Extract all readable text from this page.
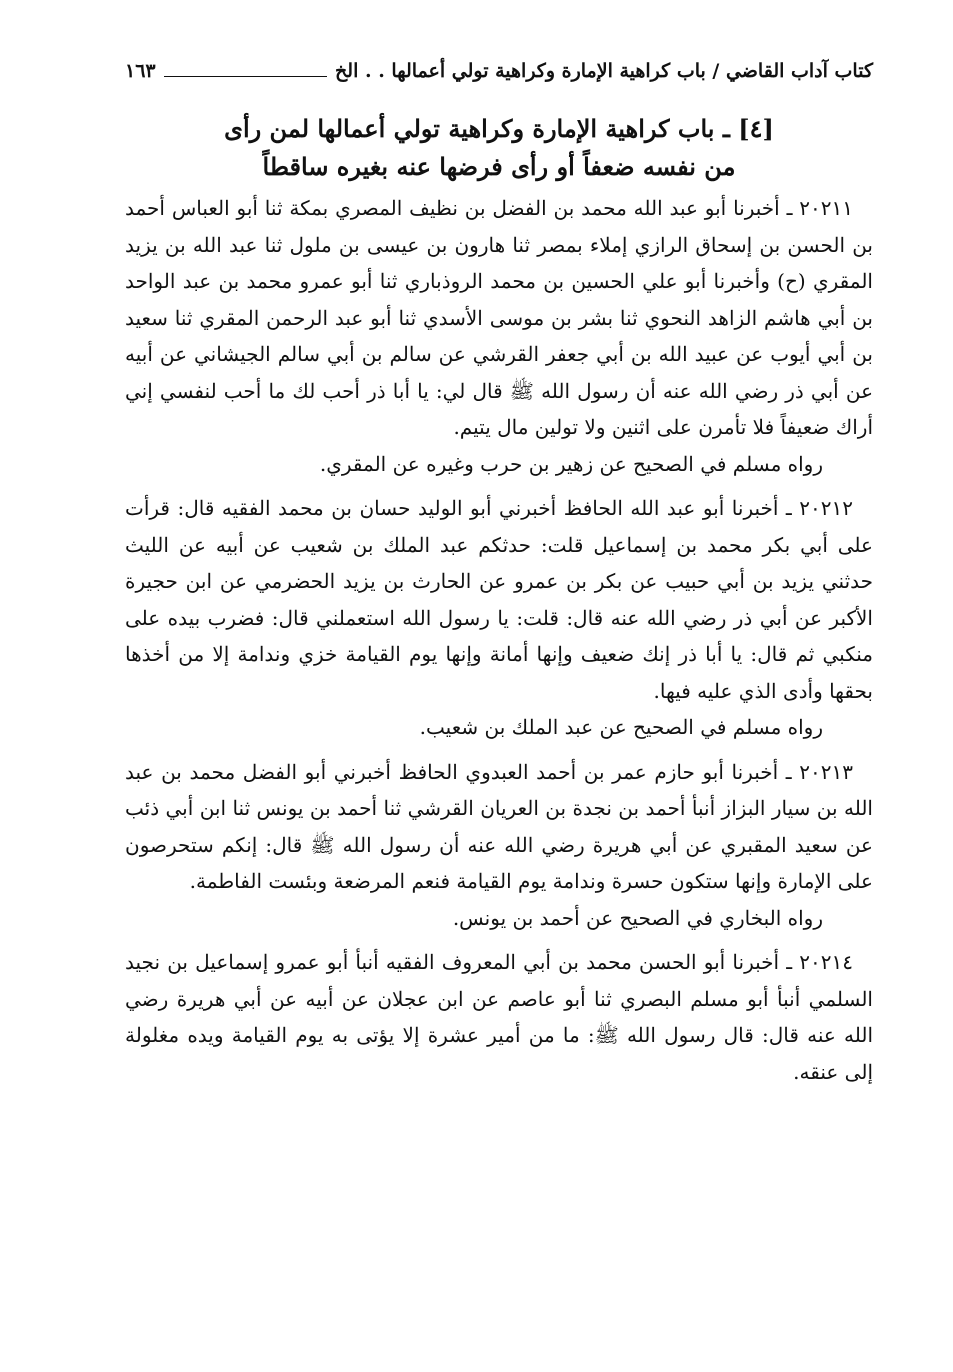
كتاب آداب القاضي / باب كراهية الإمارة وكراهية تولي أعمالها . . الخ
١٦٣
[٤] ـ باب كراهية الإمارة وكراهية تولي أعمالها لمن رأى
من نفسه ضعفاً أو رأى فرضها عنه بغيره ساقطاً

٢٠٢١١ ـ أخبرنا أبو عبد الله محمد بن الفضل بن نظيف المصري بمكة ثنا أبو العباس أحمد بن الحسن بن إسحاق الرازي إملاء بمصر ثنا هارون بن عيسى بن ملول ثنا عبد الله بن يزيد المقري (ح) وأخبرنا أبو علي الحسين بن محمد الروذباري ثنا أبو عمرو محمد بن عبد الواحد بن أبي هاشم الزاهد النحوي ثنا بشر بن موسى الأسدي ثنا أبو عبد الرحمن المقري ثنا سعيد بن أبي أيوب عن عبيد الله بن أبي جعفر القرشي عن سالم بن أبي سالم الجيشاني عن أبيه عن أبي ذر رضي الله عنه أن رسول الله ﷺ قال لي: يا أبا ذر أحب لك ما أحب لنفسي إني أراك ضعيفاً فلا تأمرن على اثنين ولا تولين مال يتيم.

رواه مسلم في الصحيح عن زهير بن حرب وغيره عن المقري.

٢٠٢١٢ ـ أخبرنا أبو عبد الله الحافظ أخبرني أبو الوليد حسان بن محمد الفقيه قال: قرأت على أبي بكر محمد بن إسماعيل قلت: حدثكم عبد الملك بن شعيب عن أبيه عن الليث حدثني يزيد بن أبي حبيب عن بكر بن عمرو عن الحارث بن يزيد الحضرمي عن ابن حجيرة الأكبر عن أبي ذر رضي الله عنه قال: قلت: يا رسول الله استعملني قال: فضرب بيده على منكبي ثم قال: يا أبا ذر إنك ضعيف وإنها أمانة وإنها يوم القيامة خزي وندامة إلا من أخذها بحقها وأدى الذي عليه فيها.

رواه مسلم في الصحيح عن عبد الملك بن شعيب.

٢٠٢١٣ ـ أخبرنا أبو حازم عمر بن أحمد العبدوي الحافظ أخبرني أبو الفضل محمد بن عبد الله بن سيار البزاز أنبأ أحمد بن نجدة بن العريان القرشي ثنا أحمد بن يونس ثنا ابن أبي ذئب عن سعيد المقبري عن أبي هريرة رضي الله عنه أن رسول الله ﷺ قال: إنكم ستحرصون على الإمارة وإنها ستكون حسرة وندامة يوم القيامة فنعم المرضعة وبئست الفاطمة.

رواه البخاري في الصحيح عن أحمد بن يونس.

٢٠٢١٤ ـ أخبرنا أبو الحسن محمد بن أبي المعروف الفقيه أنبأ أبو عمرو إسماعيل بن نجيد السلمي أنبأ أبو مسلم البصري ثنا أبو عاصم عن ابن عجلان عن أبيه عن أبي هريرة رضي الله عنه قال: قال رسول الله ﷺ: ما من أمير عشرة إلا يؤتى به يوم القيامة ويده مغلولة إلى عنقه.
